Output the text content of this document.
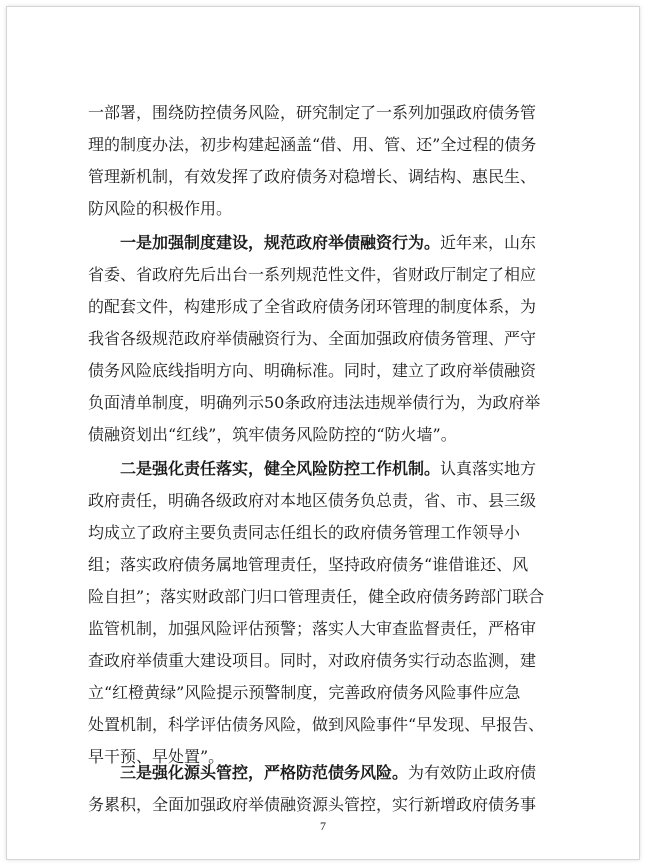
一部署，围绕防控债务风险，研究制定了一系列加强政府债务管
理的制度办法，初步构建起涵盖“借、用、管、还”全过程的债务
管理新机制，有效发挥了政府债务对稳增长、调结构、惠民生、
防风险的积极作用。
一是加强制度建设，规范政府举债融资行为。近年来，山东
省委、省政府先后出台一系列规范性文件，省财政厅制定了相应
的配套文件，构建形成了全省政府债务闭环管理的制度体系，为
我省各级规范政府举债融资行为、全面加强政府债务管理、严守
债务风险底线指明方向、明确标准。同时，建立了政府举债融资
负面清单制度，明确列示50条政府违法违规举债行为，为政府举
债融资划出“红线”，筑牢债务风险防控的“防火墙”。
二是强化责任落实，健全风险防控工作机制。认真落实地方
政府责任，明确各级政府对本地区债务负总责，省、市、县三级
均成立了政府主要负责同志任组长的政府债务管理工作领导小
组；落实政府债务属地管理责任，坚持政府债务“谁借谁还、风
险自担”；落实财政部门归口管理责任，健全政府债务跨部门联合
监管机制，加强风险评估预警；落实人大审查监督责任，严格审
查政府举债重大建设项目。同时，对政府债务实行动态监测，建
立“红橙黄绿”风险提示预警制度，完善政府债务风险事件应急
处置机制，科学评估债务风险，做到风险事件“早发现、早报告、
早干预、早处置”。
三是强化源头管控，严格防范债务风险。为有效防止政府债
务累积，全面加强政府举债融资源头管控，实行新增政府债务事
7
